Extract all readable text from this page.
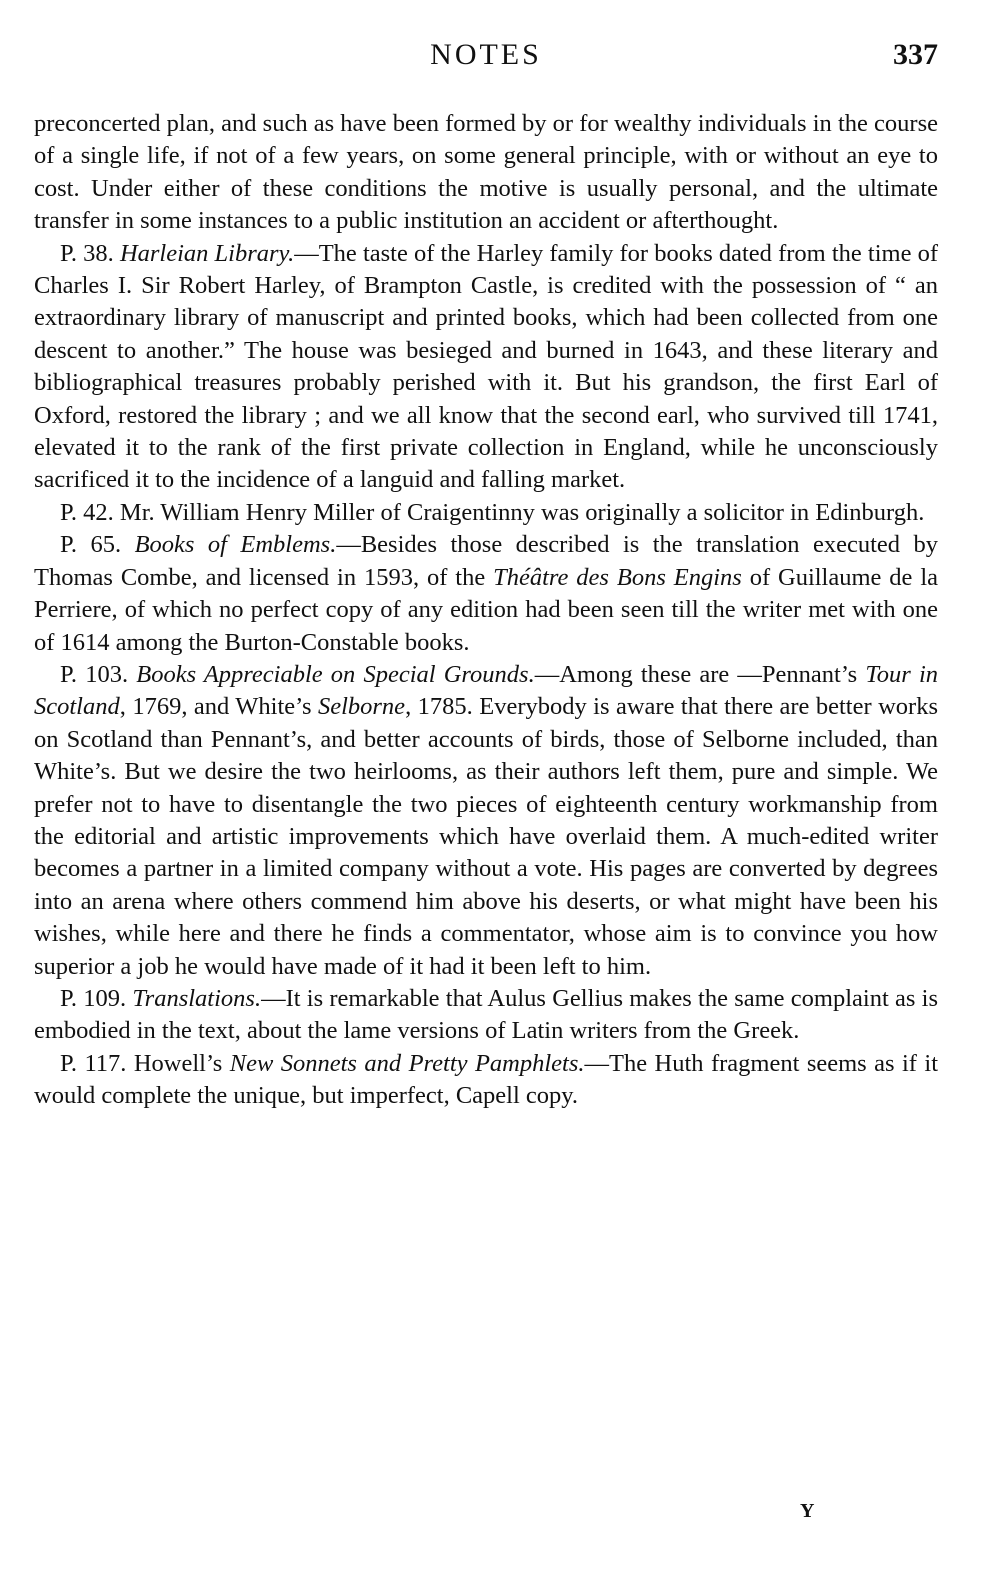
NOTES	337

preconcerted plan, and such as have been formed by or for wealthy individuals in the course of a single life, if not of a few years, on some general principle, with or without an eye to cost. Under either of these conditions the motive is usually personal, and the ultimate transfer in some instances to a public institution an accident or afterthought.

P. 38. Harleian Library.—The taste of the Harley family for books dated from the time of Charles I. Sir Robert Harley, of Brampton Castle, is credited with the possession of “ an extraordinary library of manuscript and printed books, which had been collected from one descent to another.” The house was besieged and burned in 1643, and these literary and bibliographical treasures probably perished with it. But his grandson, the first Earl of Oxford, restored the library ; and we all know that the second earl, who survived till 1741, elevated it to the rank of the first private collection in England, while he unconsciously sacrificed it to the incidence of a languid and falling market.

P. 42. Mr. William Henry Miller of Craigentinny was originally a solicitor in Edinburgh.

P. 65. Books of Emblems.—Besides those described is the translation executed by Thomas Combe, and licensed in 1593, of the Théâtre des Bons Engins of Guillaume de la Perriere, of which no perfect copy of any edition had been seen till the writer met with one of 1614 among the Burton-Constable books.

P. 103. Books Appreciable on Special Grounds.—Among these are —Pennant’s Tour in Scotland, 1769, and White’s Selborne, 1785. Everybody is aware that there are better works on Scotland than Pennant’s, and better accounts of birds, those of Selborne included, than White’s. But we desire the two heirlooms, as their authors left them, pure and simple. We prefer not to have to disentangle the two pieces of eighteenth century workmanship from the editorial and artistic improvements which have overlaid them. A much-edited writer becomes a partner in a limited company without a vote. His pages are converted by degrees into an arena where others commend him above his deserts, or what might have been his wishes, while here and there he finds a commentator, whose aim is to convince you how superior a job he would have made of it had it been left to him.

P. 109. Translations.—It is remarkable that Aulus Gellius makes the same complaint as is embodied in the text, about the lame versions of Latin writers from the Greek.

P. 117. Howell’s New Sonnets and Pretty Pamphlets.—The Huth fragment seems as if it would complete the unique, but imperfect, Capell copy.

Y
